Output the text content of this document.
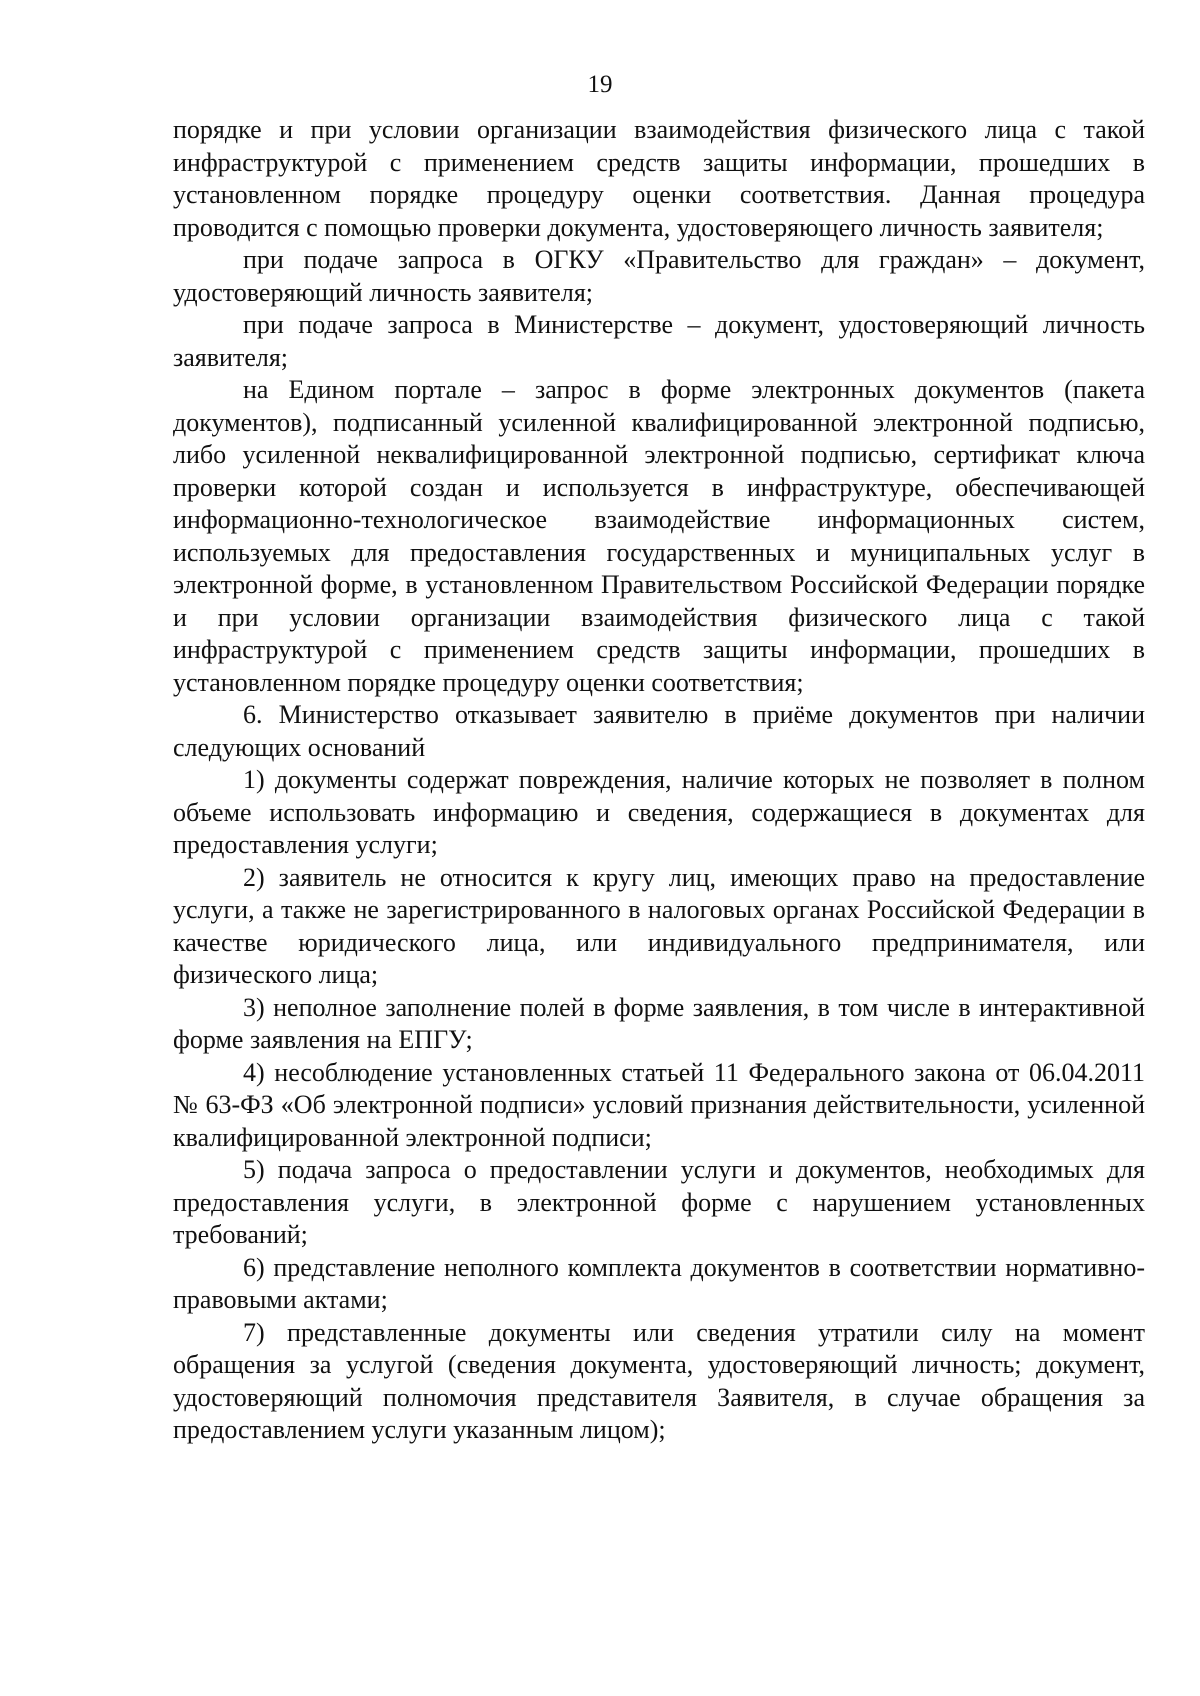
19

порядке и при условии организации взаимодействия физического лица с такой инфраструктурой с применением средств защиты информации, прошедших в установленном порядке процедуру оценки соответствия. Данная процедура проводится с помощью проверки документа, удостоверяющего личность заявителя;

при подаче запроса в ОГКУ «Правительство для граждан» – документ, удостоверяющий личность заявителя;

при подаче запроса в Министерстве – документ, удостоверяющий личность заявителя;

на Едином портале – запрос в форме электронных документов (пакета документов), подписанный усиленной квалифицированной электронной подписью, либо усиленной неквалифицированной электронной подписью, сертификат ключа проверки которой создан и используется в инфраструктуре, обеспечивающей информационно-технологическое взаимодействие информационных систем, используемых для предоставления государственных и муниципальных услуг в электронной форме, в установленном Правительством Российской Федерации порядке и при условии организации взаимодействия физического лица с такой инфраструктурой с применением средств защиты информации, прошедших в установленном порядке процедуру оценки соответствия;

6. Министерство отказывает заявителю в приёме документов при наличии следующих оснований

1) документы содержат повреждения, наличие которых не позволяет в полном объеме использовать информацию и сведения, содержащиеся в документах для предоставления услуги;

2) заявитель не относится к кругу лиц, имеющих право на предоставление услуги, а также не зарегистрированного в налоговых органах Российской Федерации в качестве юридического лица, или индивидуального предпринимателя, или физического лица;

3) неполное заполнение полей в форме заявления, в том числе в интерактивной форме заявления на ЕПГУ;

4) несоблюдение установленных статьей 11 Федерального закона от 06.04.2011 № 63-ФЗ «Об электронной подписи» условий признания действительности, усиленной квалифицированной электронной подписи;

5) подача запроса о предоставлении услуги и документов, необходимых для предоставления услуги, в электронной форме с нарушением установленных требований;

6) представление неполного комплекта документов в соответствии нормативно-правовыми актами;

7) представленные документы или сведения утратили силу на момент обращения за услугой (сведения документа, удостоверяющий личность; документ, удостоверяющий полномочия представителя Заявителя, в случае обращения за предоставлением услуги указанным лицом);
